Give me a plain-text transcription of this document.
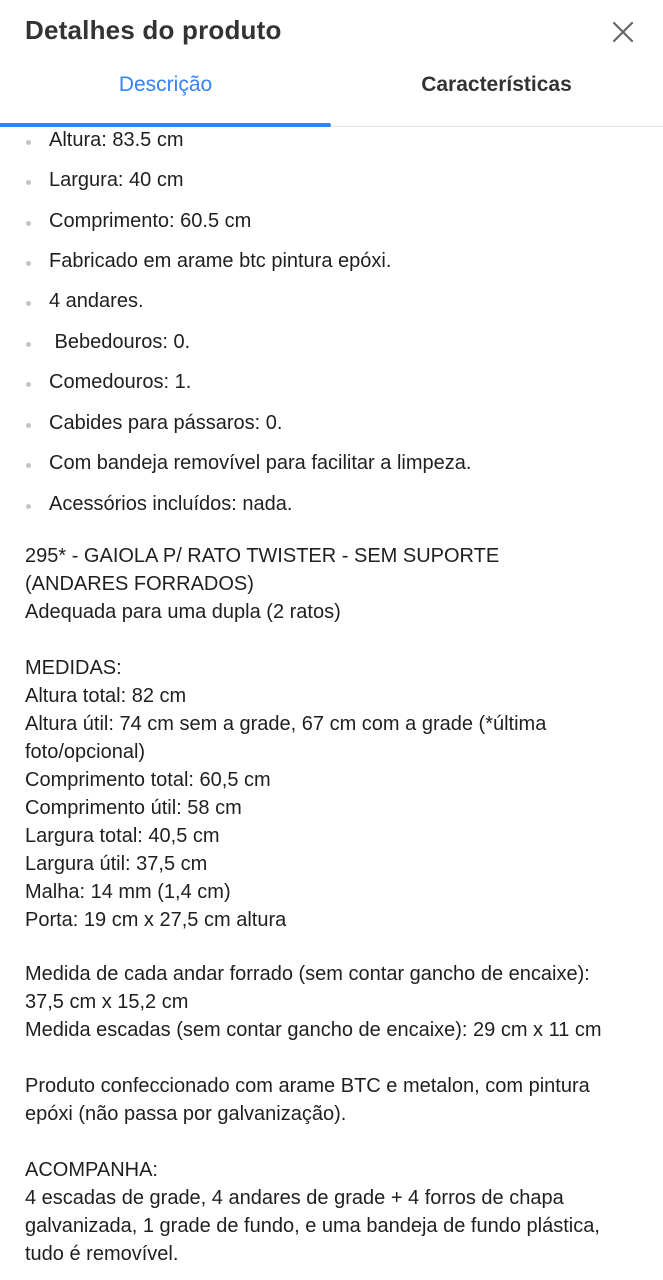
Detalhes do produto
Descrição	Características
Altura: 83.5 cm
Largura: 40 cm
Comprimento: 60.5 cm
Fabricado em arame btc pintura epóxi.
4 andares.
Bebedouros: 0.
Comedouros: 1.
Cabides para pássaros: 0.
Com bandeja removível para facilitar a limpeza.
Acessórios incluídos: nada.
295* - GAIOLA P/ RATO TWISTER - SEM SUPORTE
(ANDARES FORRADOS)
Adequada para uma dupla (2 ratos)
MEDIDAS:
Altura total: 82 cm
Altura útil: 74 cm sem a grade, 67 cm com a grade (*última
foto/opcional)
Comprimento total: 60,5 cm
Comprimento útil: 58 cm
Largura total: 40,5 cm
Largura útil: 37,5 cm
Malha: 14 mm (1,4 cm)
Porta: 19 cm x 27,5 cm altura
Medida de cada andar forrado (sem contar gancho de encaixe):
37,5 cm x 15,2 cm
Medida escadas (sem contar gancho de encaixe): 29 cm x 11 cm
Produto confeccionado com arame BTC e metalon, com pintura
epóxi (não passa por galvanização).
ACOMPANHA:
4 escadas de grade, 4 andares de grade + 4 forros de chapa
galvanizada, 1 grade de fundo, e uma bandeja de fundo plástica,
tudo é removível.
